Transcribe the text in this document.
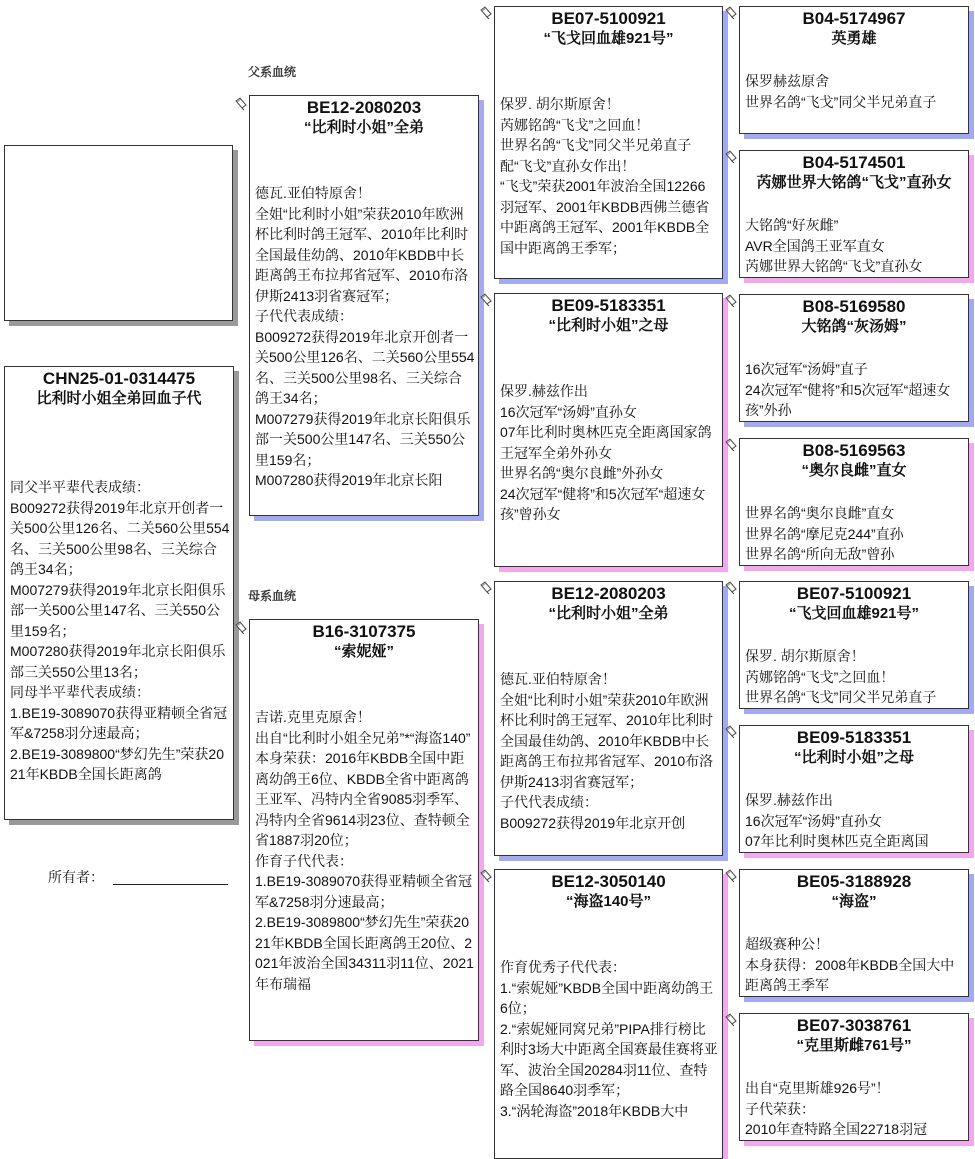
CHN25-01-0314475
比利时小姐全弟回血子代
同父半平辈代表成绩：
B009272获得2019年北京开创者一关500公里126名、二关560公里554名、三关500公里98名、三关综合鸽王34名；
M007279获得2019年北京长阳俱乐部一关500公里147名、三关550公里159名；
M007280获得2019年北京长阳俱乐部三关550公里13名；
同母半平辈代表成绩：
1.BE19-3089070获得亚精顿全省冠军&7258羽分速最高；
2.BE19-3089800“梦幻先生”荣获2021年KBDB全国长距离鸽
所有者：
父系血统
母系血统
BE12-2080203
“比利时小姐”全弟
德瓦.亚伯特原舍！
全姐“比利时小姐”荣获2010年欧洲杯比利时鸽王冠军、2010年比利时全国最佳幼鸽、2010年KBDB中长距离鸽王布拉邦省冠军、2010布洛伊斯2413羽省赛冠军；
子代代表成绩：
B009272获得2019年北京开创者一关500公里126名、二关560公里554名、三关500公里98名、三关综合鸽王34名；
M007279获得2019年北京长阳俱乐部一关500公里147名、三关550公里159名；
M007280获得2019年北京长阳
B16-3107375
“索妮娅”
吉诺.克里克原舍！
出自“比利时小姐全兄弟”*“海盗140”
本身荣获：2016年KBDB全国中距离幼鸽王6位、KBDB全省中距离鸽王亚军、冯特内全省9085羽季军、冯特内全省9614羽23位、查特顿全省1887羽20位；
作育子代代表：
1.BE19-3089070获得亚精顿全省冠军&7258羽分速最高；
2.BE19-3089800“梦幻先生”荣获2021年KBDB全国长距离鸽王20位、2021年波治全国34311羽11位、2021年布瑞福
BE07-5100921
“飞戈回血雄921号”
保罗. 胡尔斯原舍！
芮娜铭鸽“飞戈”之回血！
世界名鸽“飞戈”同父半兄弟直子配“飞戈”直孙女作出！
“飞戈”荣获2001年波治全国12266羽冠军、2001年KBDB西佛兰德省中距离鸽王冠军、2001年KBDB全国中距离鸽王季军；
BE09-5183351
“比利时小姐”之母
保罗.赫兹作出
16次冠军“汤姆”直孙女
07年比利时奥林匹克全距离国家鸽王冠军全弟外孙女
世界名鸽“奥尔良雌”外孙女
24次冠军“健将”和5次冠军“超速女孩”曾孙女
BE12-2080203
“比利时小姐”全弟
德瓦.亚伯特原舍！
全姐“比利时小姐”荣获2010年欧洲杯比利时鸽王冠军、2010年比利时全国最佳幼鸽、2010年KBDB中长距离鸽王布拉邦省冠军、2010布洛伊斯2413羽省赛冠军；
子代代表成绩：
B009272获得2019年北京开创
BE12-3050140
“海盗140号”
作育优秀子代代表：
1.“索妮娅”KBDB全国中距离幼鸽王6位；
2.“索妮娅同窝兄弟”PIPA排行榜比利时3场大中距离全国赛最佳赛将亚军、波治全国20284羽11位、查特路全国8640羽季军；
3.“涡轮海盗”2018年KBDB大中
B04-5174967
英勇雄
保罗赫兹原舍
世界名鸽“飞戈”同父半兄弟直子
B04-5174501
芮娜世界大铭鸽“飞戈”直孙女
大铭鸽“好灰雌”
AVR全国鸽王亚军直女
芮娜世界大铭鸽“飞戈”直孙女
B08-5169580
大铭鸽“灰汤姆”
16次冠军“汤姆”直子
24次冠军“健将”和5次冠军“超速女孩”外孙
B08-5169563
“奥尔良雌”直女
世界名鸽“奥尔良雌”直女
世界名鸽“摩尼克244”直孙
世界名鸽“所向无敌”曾孙
BE07-5100921
“飞戈回血雄921号”
保罗. 胡尔斯原舍！
芮娜铭鸽“飞戈”之回血！
世界名鸽“飞戈”同父半兄弟直子
BE09-5183351
“比利时小姐”之母
保罗.赫兹作出
16次冠军“汤姆”直孙女
07年比利时奥林匹克全距离国
BE05-3188928
“海盗”
超级赛种公！
本身获得：2008年KBDB全国大中距离鸽王季军
BE07-3038761
“克里斯雌761号”
出自“克里斯雄926号”！
子代荣获：
2010年查特路全国22718羽冠
